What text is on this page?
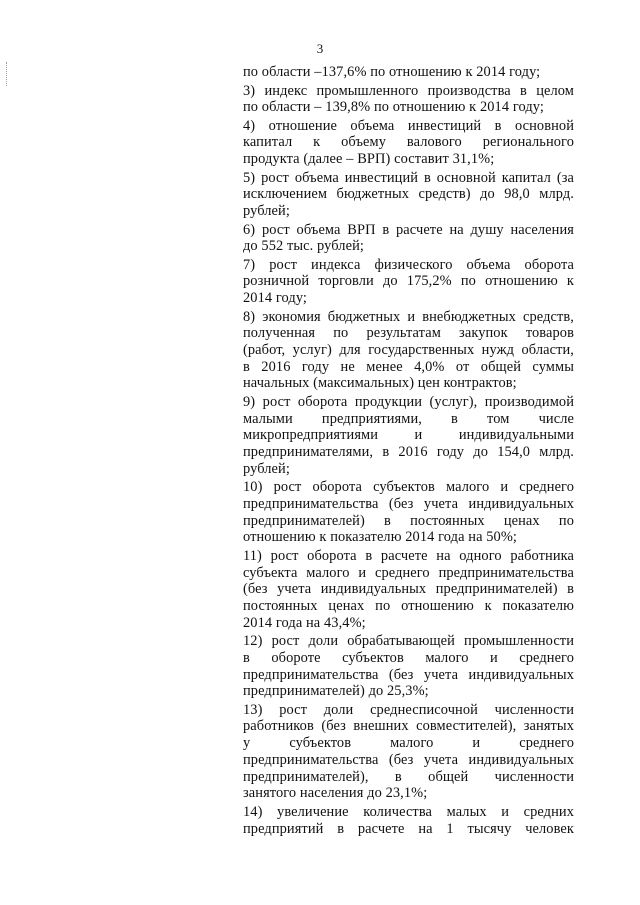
3
по области –137,6% по отношению к 2014 году;
3) индекс промышленного производства в целом
по области – 139,8% по отношению к 2014 году;
4) отношение объема инвестиций в основной
капитал к объему валового регионального
продукта (далее – ВРП) составит 31,1%;
5) рост объема инвестиций в основной капитал (за
исключением бюджетных средств) до 98,0 млрд.
рублей;
6) рост объема ВРП в расчете на душу населения
до 552 тыс. рублей;
7) рост индекса физического объема оборота
розничной торговли до 175,2% по отношению к
2014 году;
8) экономия бюджетных и внебюджетных средств,
полученная по результатам закупок товаров
(работ, услуг) для государственных нужд области,
в 2016 году не менее 4,0% от общей суммы
начальных (максимальных) цен контрактов;
9) рост оборота продукции (услуг), производимой
малыми предприятиями, в том числе
микропредприятиями и индивидуальными
предпринимателями, в 2016 году до 154,0 млрд.
рублей;
10) рост оборота субъектов малого и среднего
предпринимательства (без учета индивидуальных
предпринимателей) в постоянных ценах по
отношению к показателю 2014 года на 50%;
11) рост оборота в расчете на одного работника
субъекта малого и среднего предпринимательства
(без учета индивидуальных предпринимателей) в
постоянных ценах по отношению к показателю
2014 года на 43,4%;
12) рост доли обрабатывающей промышленности
в обороте субъектов малого и среднего
предпринимательства (без учета индивидуальных
предпринимателей) до 25,3%;
13) рост доли среднесписочной численности
работников (без внешних совместителей), занятых
у субъектов малого и среднего
предпринимательства (без учета индивидуальных
предпринимателей), в общей численности
занятого населения до 23,1%;
14) увеличение количества малых и средних
предприятий в расчете на 1 тысячу человек
